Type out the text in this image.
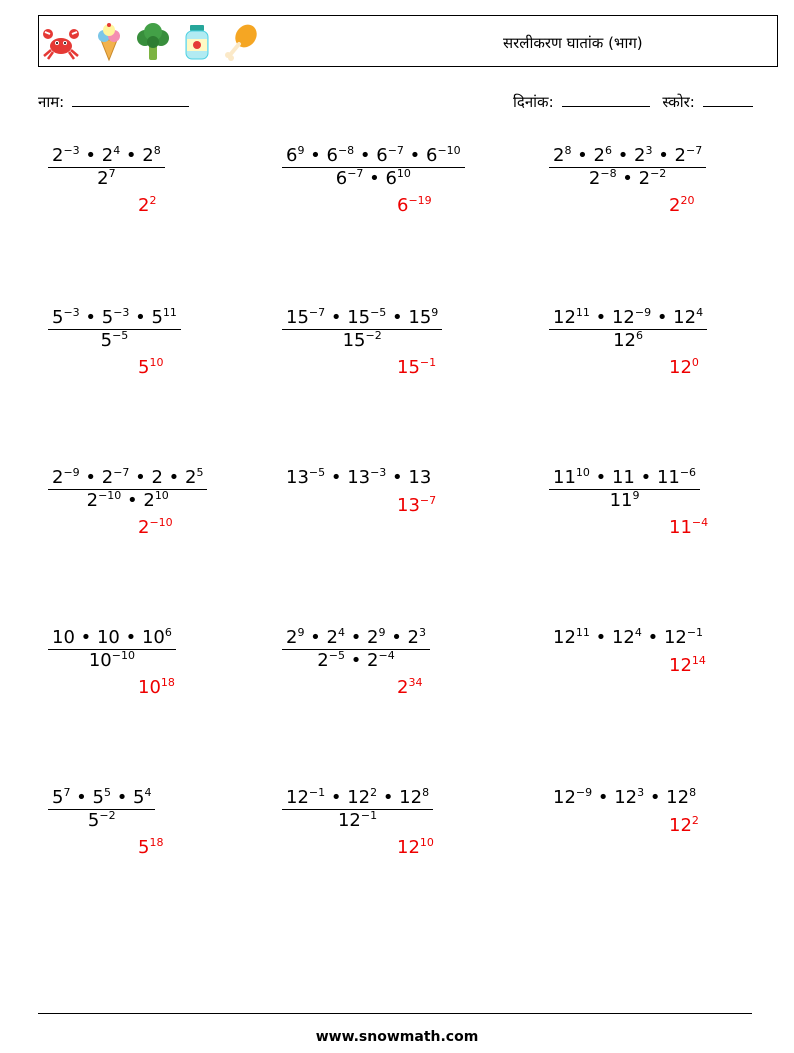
सरलीकरण घातांक (भाग)
नाम:	दिनांक:	स्कोर:
$\frac{2^{-3} • 2^4 • 2^8}{2^7}$
$2^2$
$\frac{6^9 • 6^{-8} • 6^{-7} • 6^{-10}}{6^{-7} • 6^{10}}$
$6^{-19}$
$\frac{2^8 • 2^6 • 2^3 • 2^{-7}}{2^{-8} • 2^{-2}}$
$2^{20}$
$\frac{5^{-3} • 5^{-3} • 5^{11}}{5^{-5}}$
$5^{10}$
$\frac{15^{-7} • 15^{-5} • 15^9}{15^{-2}}$
$15^{-1}$
$\frac{12^{11} • 12^{-9} • 12^4}{12^6}$
$12^0$
$\frac{2^{-9} • 2^{-7} • 2 • 2^5}{2^{-10} • 2^{10}}$
$2^{-10}$
$13^{-5}$ • $13^{-3}$ • 13
$13^{-7}$	$\frac{11^{10} • 11 • 11^{-6}}{11^9}$
$11^{-4}$
$\frac{10 • 10 • 10^6}{10^{-10}}$
$10^{18}$
$\frac{2^9 • 2^4 • 2^9 • 2^3}{2^{-5} • 2^{-4}}$
$2^{34}$
$12^{11}$ • $12^4$ • $12^{-1}$
$12^{14}$
$\frac{5^7 • 5^5 • 5^4}{5^{-2}}$
$5^{18}$
$\frac{12^{-1} • 12^2 • 12^8}{12^{-1}}$
$12^{10}$
$12^{-9}$ • $12^3$ • $12^8$
$12^2$
www.snowmath.com
